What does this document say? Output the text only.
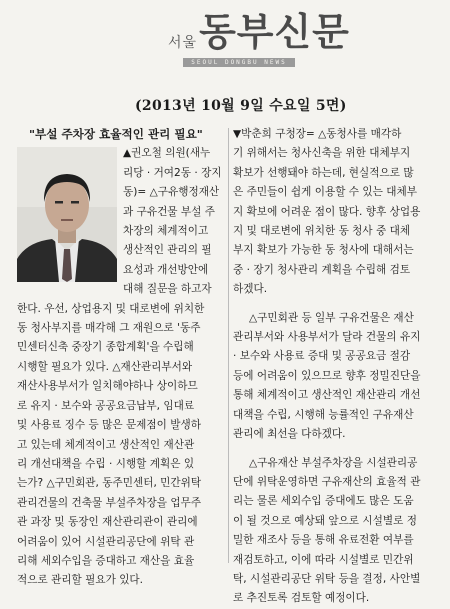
서울 동부신문
SEOUL DONGBU NEWS
(2013년 10월 9일 수요일 5면)

"부설 주차장 효율적인 관리 필요"

▲권오철 의원(새누

리당 · 거여2동 · 장지

동)= △구유행정재산

과 구유건물 부설 주

차장의 체계적이고

생산적인 관리의 필

요성과 개선방안에

대해 질문을 하고자

한다. 우선, 상업용지 및 대로변에 위치한

동 청사부지를 매각해 그 재원으로 '동주

민센터신축 중장기 종합계획'을 수립해

시행할 필요가 있다. △재산관리부서와

재산사용부서가 일치해야하나 상이하므

로 유지 · 보수와 공공요금납부, 임대료

및 사용료 징수 등 많은 문제점이 발생하

고 있는데 체계적이고 생산적인 재산관

리 개선대책을 수립 · 시행할 계획은 있

는가? △구민회관, 동주민센터, 민간위탁

관리건물의 건축물 부설주차장을 업무주

관 과장 및 동장인 재산관리관이 관리에

어려움이 있어 시설관리공단에 위탁 관

리해 세외수입을 증대하고 재산을 효율

적으로 관리할 필요가 있다.

▼박춘희 구청장= △동청사를 매각하

기 위해서는 청사신축을 위한 대체부지

확보가 선행돼야 하는데, 현실적으로 많

은 주민들이 쉽게 이용할 수 있는 대체부

지 확보에 어려운 점이 많다. 향후 상업용

지 및 대로변에 위치한 동 청사 중 대체

부지 확보가 가능한 동 청사에 대해서는

중 · 장기 청사관리 계획을 수립해 검토

하겠다.

△구민회관 등 일부 구유건물은 재산

관리부서와 사용부서가 달라 건물의 유지

· 보수와 사용료 증대 및 공공요금 절감

등에 어려움이 있으므로 향후 정밀진단을

통해 체계적이고 생산적인 재산관리 개선

대책을 수립, 시행해 능률적인 구유재산

관리에 최선을 다하겠다.

△구유재산 부설주차장을 시설관리공

단에 위탁운영하면 구유재산의 효율적 관

리는 물론 세외수입 증대에도 많은 도움

이 될 것으로 예상돼 앞으로 시설별로 정

밀한 재조사 등을 통해 유료전환 여부를

재검토하고, 이에 따라 시설별로 민간위

탁, 시설관리공단 위탁 등을 결정, 사안별

로 추진토록 검토할 예정이다.
